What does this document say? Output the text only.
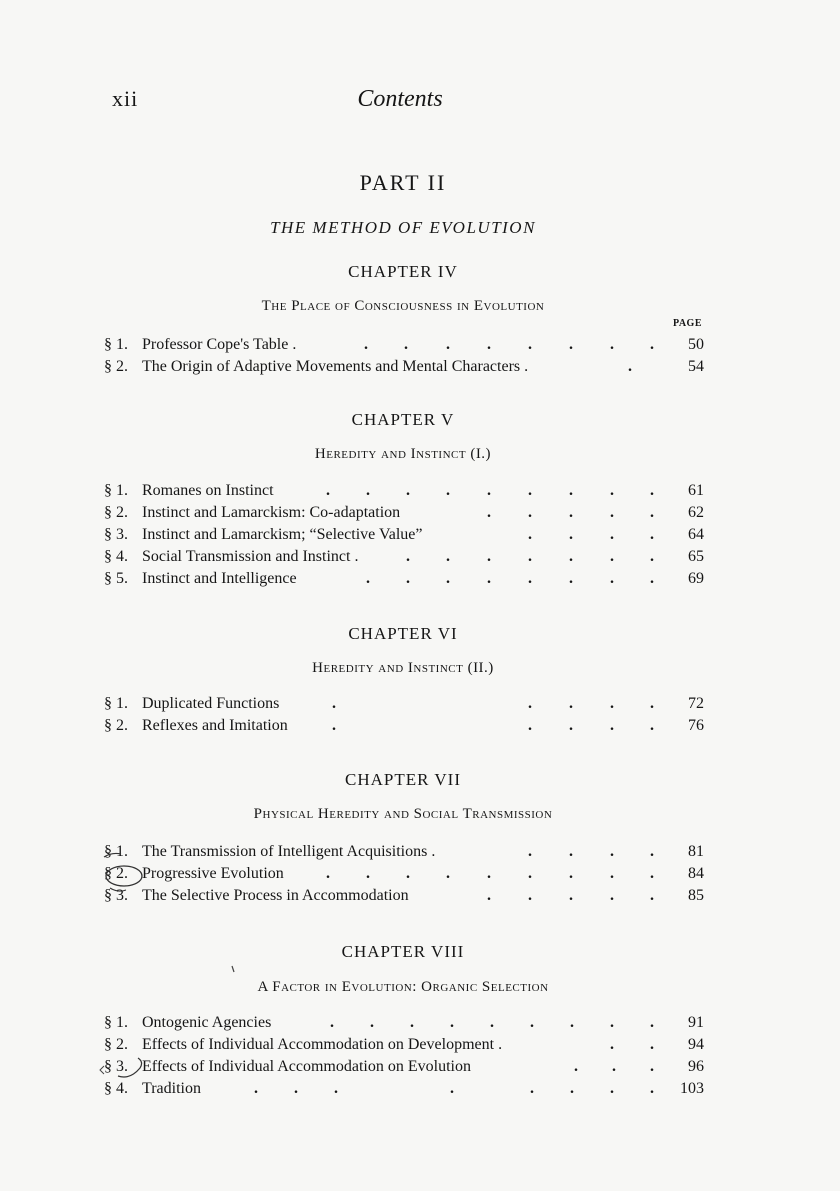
xii	Contents
PART II
THE METHOD OF EVOLUTION
CHAPTER IV
The Place of Consciousness in Evolution
PAGE
§ 1. Professor Cope's Table .	. . . . . . . .	50
§ 2. The Origin of Adaptive Movements and Mental Characters .	.	54
CHAPTER V
Heredity and Instinct (I.)
§ 1. Romanes on Instinct	. . . . . . . . .	61
§ 2. Instinct and Lamarckism: Co-adaptation	. . . . .	62
§ 3. Instinct and Lamarckism; “Selective Value”	. . . .	64
§ 4. Social Transmission and Instinct .	. . . . . . .	65
§ 5. Instinct and Intelligence	. . . . . . . .	69
CHAPTER VI
Heredity and Instinct (II.)
§ 1. Duplicated Functions	.	. . . .	72
§ 2. Reflexes and Imitation	.	. . . .	76
CHAPTER VII
Physical Heredity and Social Transmission
§ 1. The Transmission of Intelligent Acquisitions .	. . . .	81
§ 2. Progressive Evolution	. . . . . . . . .	84
§ 3. The Selective Process in Accommodation	. . . . .	85
CHAPTER VIII
A Factor in Evolution: Organic Selection
§ 1. Ontogenic Agencies	. . . . . . . . .	91
§ 2. Effects of Individual Accommodation on Development .	. .	94
§ 3. Effects of Individual Accommodation on Evolution	. . .	96
§ 4. Tradition	. . .	.	. . . .	103
